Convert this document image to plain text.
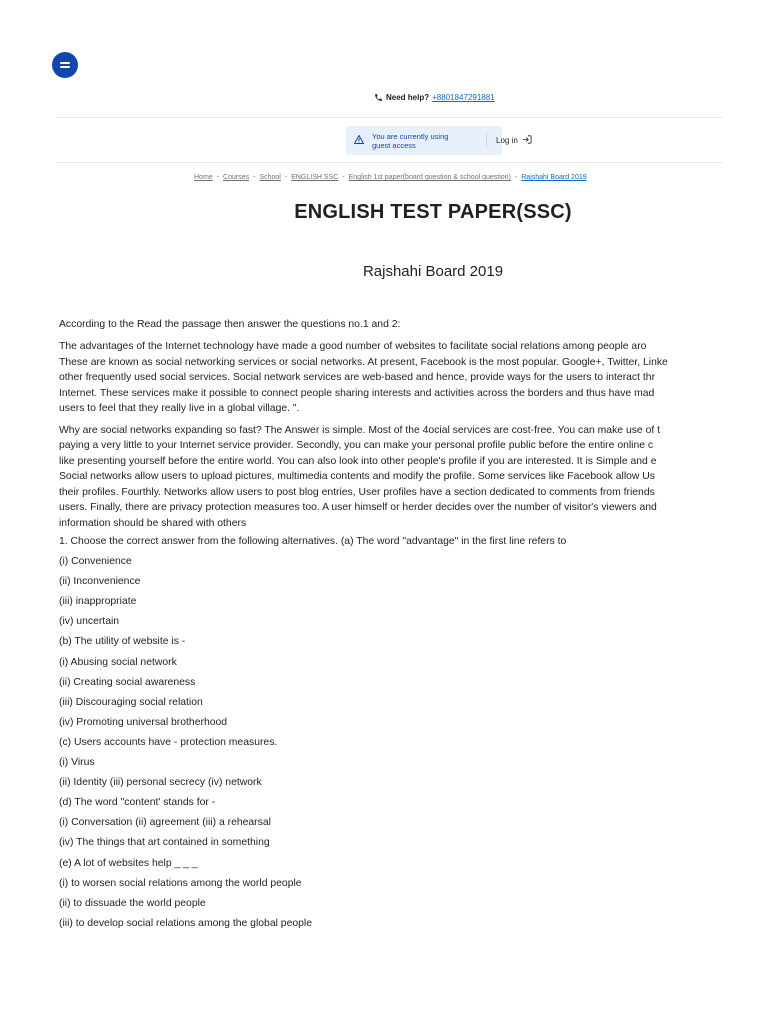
Need help? +8801847291881
You are currently using
guest access	Log in
Home - Courses - School - ENGLISH SSC - English 1st paper(board question & school question) - Rajshahi Board 2019
ENGLISH TEST PAPER(SSC)
Rajshahi Board 2019

According to the Read the passage then answer the questions no.1 and 2:

The advantages of the Internet technology have made a good number of websites to facilitate social relations among people aro

These are known as social networking services or social networks. At present, Facebook is the most popular. Google+, Twitter, Linke

other frequently used social services. Social network services are web-based and hence, provide ways for the users to interact thr

Internet. These services make it possible to connect people sharing interests and activities across the borders and thus have mad

users to feel that they really live in a global village. ".

Why are social networks expanding so fast? The Answer is simple. Most of the 4ocial services are cost-free. You can make use of t

paying a very little to your Internet service provider. Secondly, you can make your personal profile public before the entire online c

like presenting yourself before the entire world. You can also look into other people's profile if you are interested. It is Simple and e

Social networks allow users to upload pictures, multimedia contents and modify the profile. Some services like Facebook allow Us

their profiles. Fourthly. Networks allow users to post blog entries, User profiles have a section dedicated to comments from friends

users. Finally, there are privacy protection measures too. A user himself or herder decides over the number of visitor's viewers and

information should be shared with others

1. Choose the correct answer from the following alternatives. (a) The word "advantage" in the first line refers to

(i) Convenience

(ii) Inconvenience

(iii) inappropriate

(iv) uncertain

(b) The utility of website is -

(i) Abusing social network

(ii) Creating social awareness

(iii) Discouraging social relation

(iv) Promoting universal brotherhood

(c) Users accounts have - protection measures.

(i) Virus

(ii) Identity (iii) personal secrecy (iv) network

(d) The word "content' stands for -

(i) Conversation (ii) agreement (iii) a rehearsal

(iv) The things that art contained in something

(e) A lot of websites help _ _ _

(i) to worsen social relations among the world people

(ii) to dissuade the world people

(iii) to develop social relations among the global people
